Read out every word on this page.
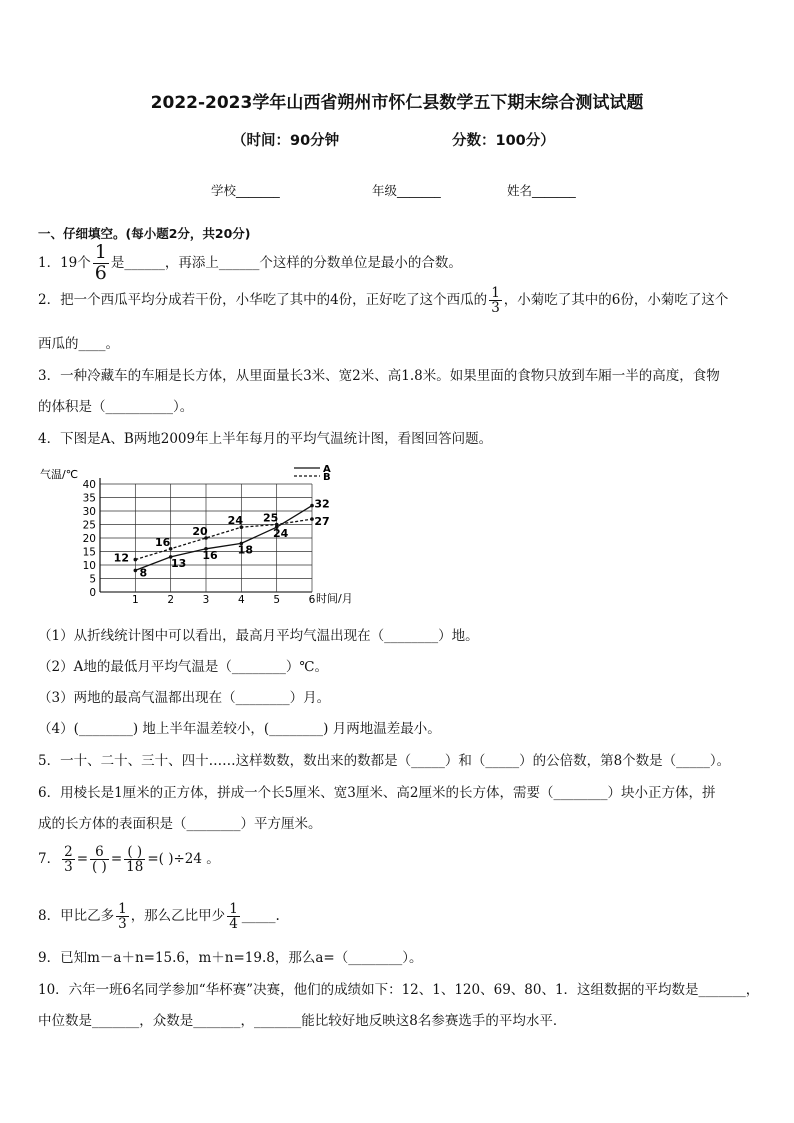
2022-2023学年山西省朔州市怀仁县数学五下期末综合测试试题
（时间：90分钟	分数：100分）
学校_______	年级_______	姓名_______
一、仔细填空。(每小题2分，共20分)
1．19个 $\frac{1}{6}$ 是______，再添上______个这样的分数单位是最小的合数。
2．把一个西瓜平均分成若干份，小华吃了其中的4份，正好吃了这个西瓜的 $\frac{1}{3}$ ，小菊吃了其中的6份，小菊吃了这个
西瓜的____。
3．一种冷藏车的车厢是长方体，从里面量长3米、宽2米、高1.8米。如果里面的食物只放到车厢一半的高度，食物
的体积是（__________）。
4．下图是A、B两地2009年上半年每月的平均气温统计图，看图回答问题。
气温/℃
0
5
10
15
20
25
30
35
40
1	2	3	4	5	6
8
13
16 18
24
32
12
16
20
24 25	27
A
B
时间/月
（1）从折线统计图中可以看出，最高月平均气温出现在（________）地。
（2）A地的最低月平均气温是（________）℃。
（3）两地的最高气温都出现在（________）月。
（4）(________) 地上半年温差较小，(________) 月两地温差最小。
5．一十、二十、三十、四十……这样数数，数出来的数都是（_____）和（_____）的公倍数，第8个数是（_____）。
6．用棱长是1厘米的正方体，拼成一个长5厘米、宽3厘米、高2厘米的长方体，需要（________）块小正方体，拼
成的长方体的表面积是（________）平方厘米。
7． $\frac{2}{3} = \frac{6}{( )} = \frac{( )}{18}$ =( )÷24 。
8．甲比乙多 $\frac{1}{3}$ ，那么乙比甲少 $\frac{1}{4}$ _____.
9．已知m－a＋n=15.6，m＋n=19.8，那么a=（________）。
10．六年一班6名同学参加“华杯赛”决赛，他们的成绩如下：12、1、120、69、80、1．这组数据的平均数是_______，
中位数是_______，众数是_______，_______能比较好地反映这8名参赛选手的平均水平．
